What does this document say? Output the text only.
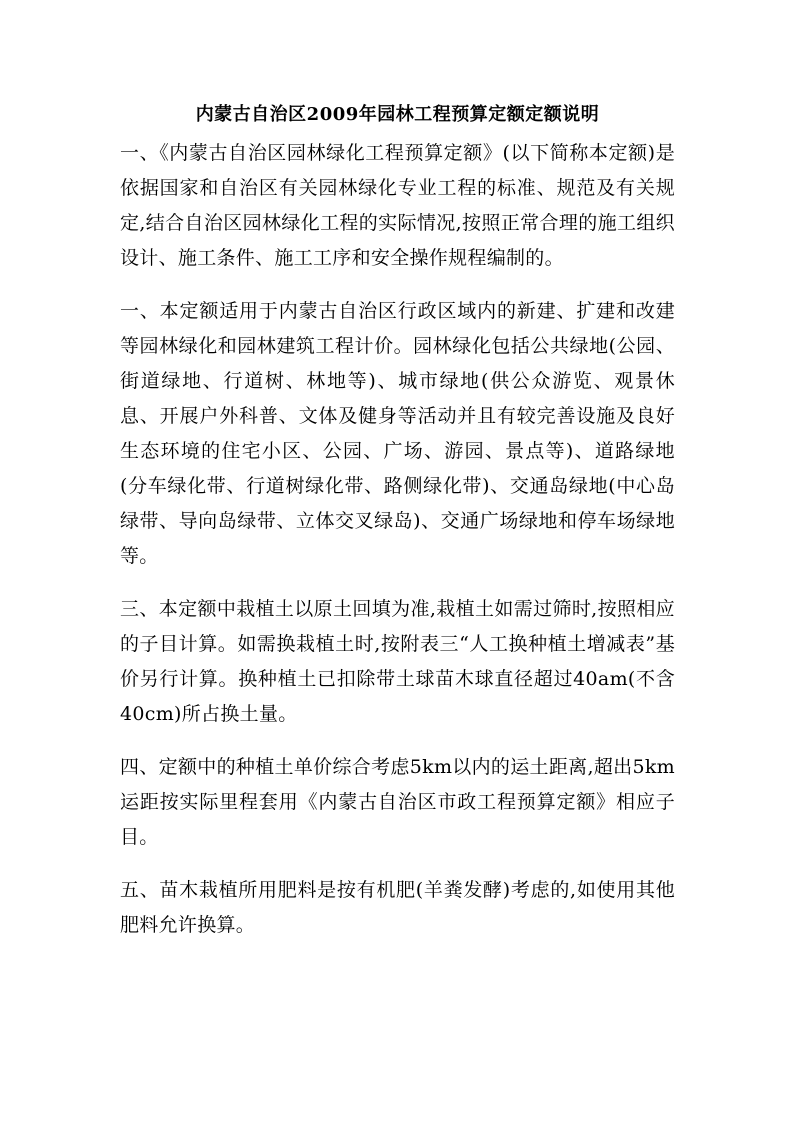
内蒙古自治区2009年园林工程预算定额定额说明

一、《内蒙古自治区园林绿化工程预算定额》(以下简称本定额)是依据国家和自治区有关园林绿化专业工程的标准、规范及有关规定,结合自治区园林绿化工程的实际情况,按照正常合理的施工组织设计、施工条件、施工工序和安全操作规程编制的。

一、本定额适用于内蒙古自治区行政区域内的新建、扩建和改建等园林绿化和园林建筑工程计价。园林绿化包括公共绿地(公园、街道绿地、行道树、林地等)、城市绿地(供公众游览、观景休息、开展户外科普、文体及健身等活动并且有较完善设施及良好生态环境的住宅小区、公园、广场、游园、景点等)、道路绿地(分车绿化带、行道树绿化带、路侧绿化带)、交通岛绿地(中心岛绿带、导向岛绿带、立体交叉绿岛)、交通广场绿地和停车场绿地等。

三、本定额中栽植土以原土回填为准,栽植土如需过筛时,按照相应的子目计算。如需换栽植土时,按附表三“人工换种植土增减表”基价另行计算。换种植土已扣除带土球苗木球直径超过40am(不含40cm)所占换土量。

四、定额中的种植土单价综合考虑5km以内的运土距离,超出5km运距按实际里程套用《内蒙古自治区市政工程预算定额》相应子目。

五、苗木栽植所用肥料是按有机肥(羊粪发酵)考虑的,如使用其他肥料允许换算。
